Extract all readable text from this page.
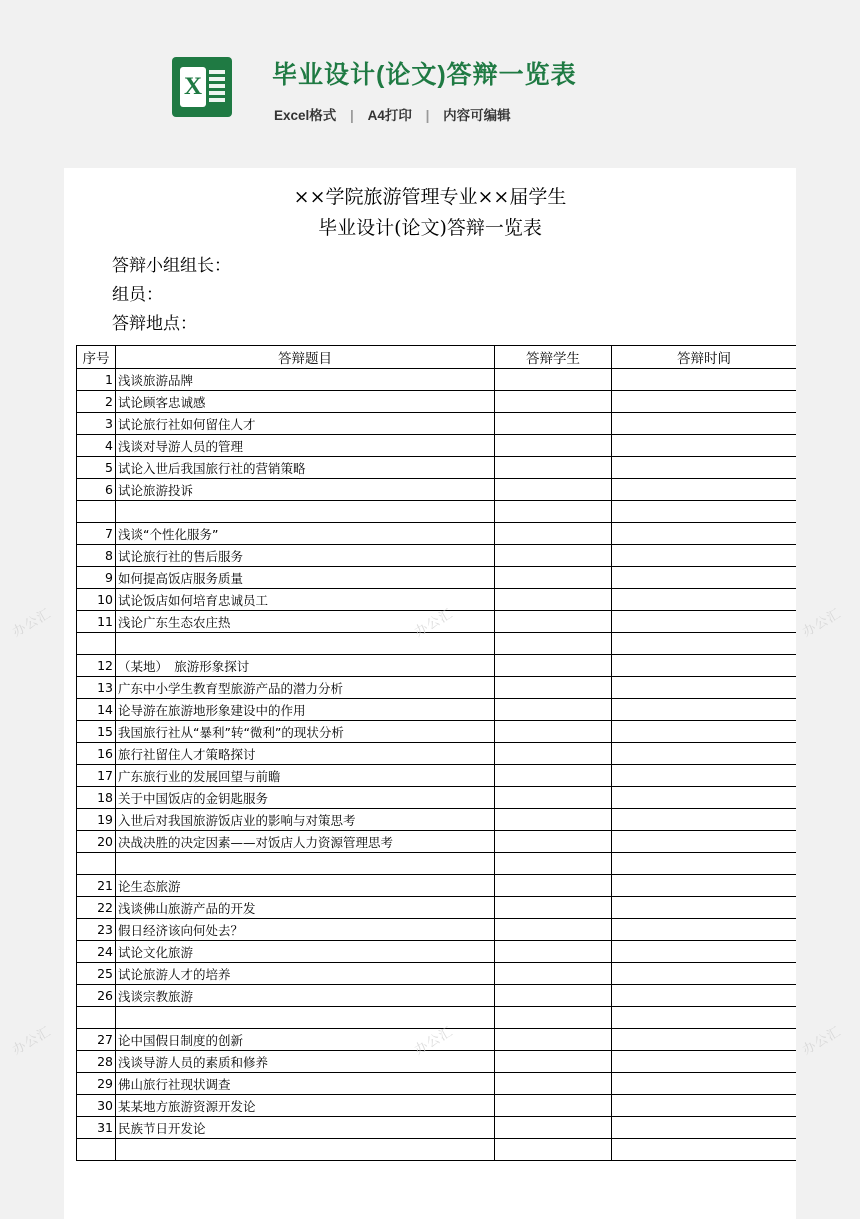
X	毕业设计(论文)答辩一览表
Excel格式 | A4打印 | 内容可编辑
××学院旅游管理专业××届学生
毕业设计(论文)答辩一览表
答辩小组组长：
组员：
答辩地点：
序号	答辩题目	答辩学生	答辩时间
1	浅谈旅游品牌		
2	试论顾客忠诚感		
3	试论旅行社如何留住人才		
4	浅谈对导游人员的管理		
5	试论入世后我国旅行社的营销策略		
6	试论旅游投诉		

7	浅谈“个性化服务”		
8	试论旅行社的售后服务		
9	如何提高饭店服务质量		
10	试论饭店如何培育忠诚员工		
11	浅论广东生态农庄热		

12	（某地）　旅游形象探讨		
13	广东中小学生教育型旅游产品的潜力分析		
14	论导游在旅游地形象建设中的作用		
15	我国旅行社从“暴利”转“微利”的现状分析		
16	旅行社留住人才策略探讨		
17	广东旅行业的发展回望与前瞻		
18	关于中国饭店的金钥匙服务		
19	入世后对我国旅游饭店业的影响与对策思考		
20	决战决胜的决定因素——对饭店人力资源管理思考		

21	论生态旅游		
22	浅谈佛山旅游产品的开发		
23	假日经济该向何处去？		
24	试论文化旅游		
25	试论旅游人才的培养		
26	浅谈宗教旅游		

27	论中国假日制度的创新		
28	浅谈导游人员的素质和修养		
29	佛山旅行社现状调查		
30	某某地方旅游资源开发论		
31	民族节日开发论		

办公汇
办公汇
办公汇
办公汇
办公汇
办公汇
